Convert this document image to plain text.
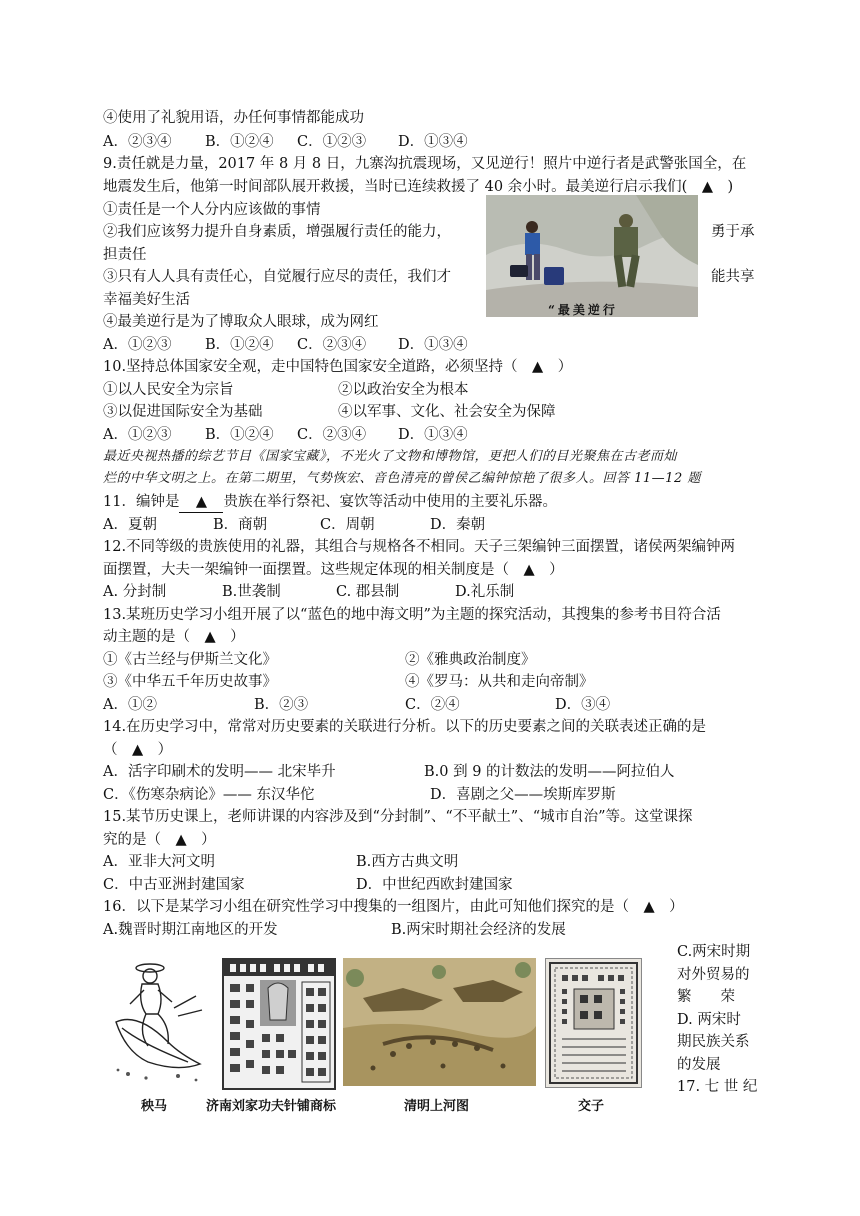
④使用了礼貌用语，办任何事情都能成功
A．②③④ B．①②④ C．①②③ D．①③④
9.责任就是力量，2017 年 8 月 8 日，九寨沟抗震现场，又见逆行！照片中逆行者是武警张国全，在
地震发生后，他第一时间部队展开救援，当时已连续救援了 40 余小时。最美逆行启示我们(　▲　)
①责任是一个人分内应该做的事情
②我们应该努力提升自身素质，增强履行责任的能力，	勇于承
担责任
③只有人人具有责任心，自觉履行应尽的责任，我们才	能共享
幸福美好生活
④最美逆行是为了博取众人眼球，成为网红
“最美逆行
A．①②③ B．①②④ C．②③④ D．①③④
10.坚持总体国家安全观，走中国特色国家安全道路，必须坚持（　▲　）
①以人民安全为宗旨	②以政治安全为根本
③以促进国际安全为基础	④以军事、文化、社会安全为保障
A．①②③ B．①②④ C．②③④ D．①③④
最近央视热播的综艺节目《国家宝藏》，不光火了文物和博物馆，更把人们的目光聚焦在古老而灿
烂的中华文明之上。在第二期里，气势恢宏、音色清亮的曾侯乙编钟惊艳了很多人。回答 11—12 题
11．编钟是 ▲ 贵族在举行祭祀、宴饮等活动中使用的主要礼乐器。
A．夏朝	B．商朝	C．周朝	D．秦朝
12.不同等级的贵族使用的礼器，其组合与规格各不相同。天子三架编钟三面摆置，诸侯两架编钟两
面摆置，大夫一架编钟一面摆置。这些规定体现的相关制度是（　▲　）
A. 分封制	B.世袭制	C. 郡县制	D.礼乐制
13.某班历史学习小组开展了以“蓝色的地中海文明”为主题的探究活动，其搜集的参考书目符合活
动主题的是（　▲　）
①《古兰经与伊斯兰文化》	②《雅典政治制度》
③《中华五千年历史故事》	④《罗马：从共和走向帝制》
A．①②	B．②③	C．②④	D．③④
14.在历史学习中，常常对历史要素的关联进行分析。以下的历史要素之间的关联表述正确的是
（　▲　）
A．活字印刷术的发明—— 北宋毕升	B.0 到 9 的计数法的发明——阿拉伯人
C．《伤寒杂病论》—— 东汉华佗	D．喜剧之父——埃斯库罗斯
15.某节历史课上，老师讲课的内容涉及到“分封制”、“不平献土”、“城市自治”等。这堂课探
究的是（　▲　）
A．亚非大河文明	B.西方古典文明
C．中古亚洲封建国家	D．中世纪西欧封建国家
16．以下是某学习小组在研究性学习中搜集的一组图片，由此可知他们探究的是（　▲　）
A.魏晋时期江南地区的开发	B.两宋时期社会经济的发展
C.两宋时期
对外贸易的
繁　　荣
D. 两宋时
期民族关系
的发展
17. 七 世 纪
秧马	济南刘家功夫针铺商标	清明上河图	交子
